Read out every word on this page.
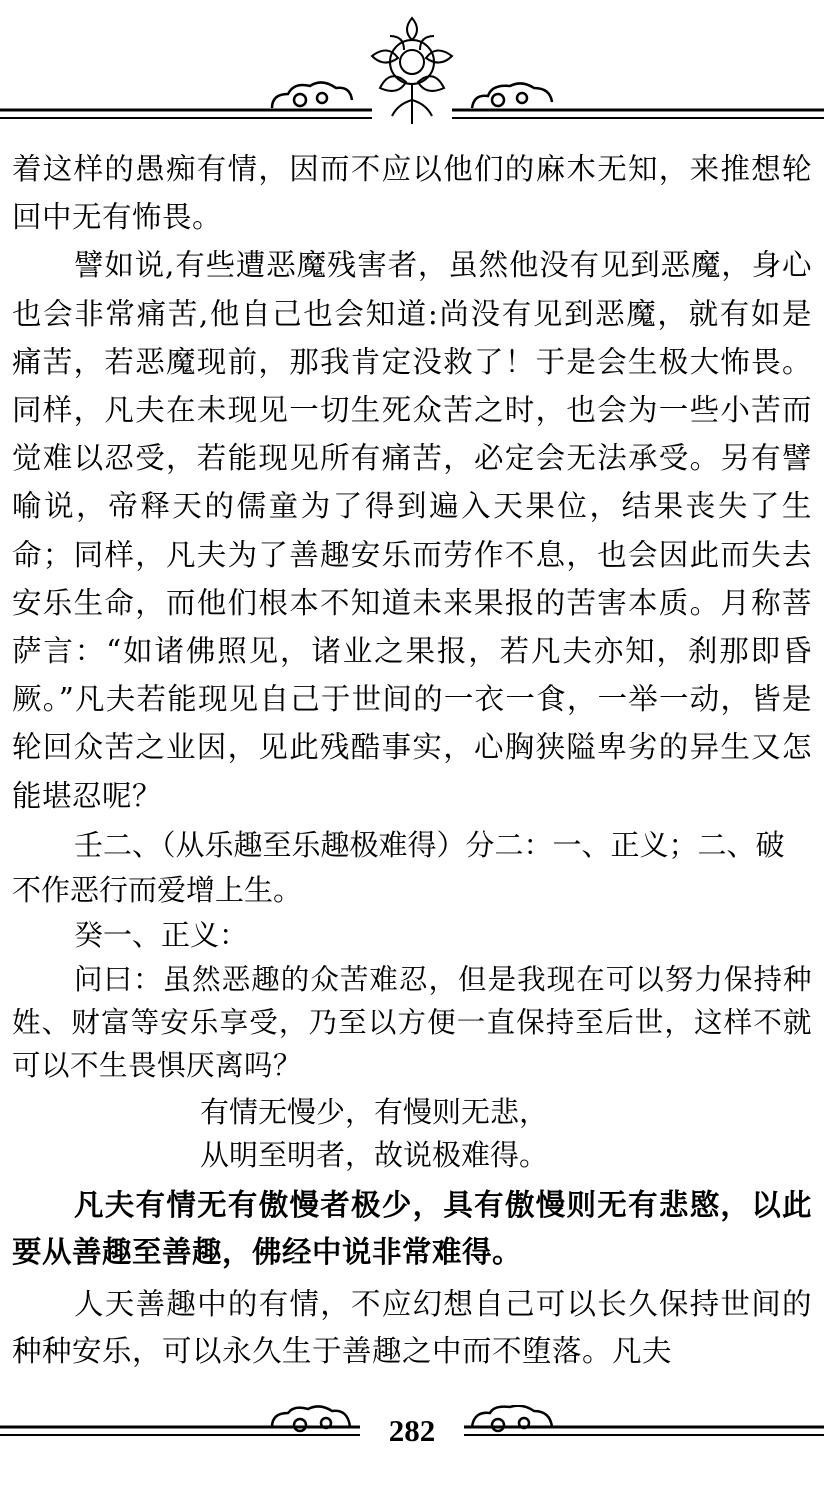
着这样的愚痴有情，因而不应以他们的麻木无知，来推想轮回中无有怖畏。

譬如说,有些遭恶魔残害者，虽然他没有见到恶魔，身心也会非常痛苦,他自己也会知道:尚没有见到恶魔，就有如是痛苦，若恶魔现前，那我肯定没救了！于是会生极大怖畏。同样，凡夫在未现见一切生死众苦之时，也会为一些小苦而觉难以忍受，若能现见所有痛苦，必定会无法承受。另有譬喻说，帝释天的儒童为了得到遍入天果位，结果丧失了生命；同样，凡夫为了善趣安乐而劳作不息，也会因此而失去安乐生命，而他们根本不知道未来果报的苦害本质。月称菩萨言：“如诸佛照见，诸业之果报，若凡夫亦知，刹那即昏厥。”凡夫若能现见自己于世间的一衣一食，一举一动，皆是轮回众苦之业因，见此残酷事实，心胸狭隘卑劣的异生又怎能堪忍呢？

壬二、（从乐趣至乐趣极难得）分二：一、正义；二、破不作恶行而爱增上生。

癸一、正义：

问曰：虽然恶趣的众苦难忍，但是我现在可以努力保持种姓、财富等安乐享受，乃至以方便一直保持至后世，这样不就可以不生畏惧厌离吗？

有情无慢少，有慢则无悲，

从明至明者，故说极难得。

凡夫有情无有傲慢者极少，具有傲慢则无有悲愍，以此要从善趣至善趣，佛经中说非常难得。

人天善趣中的有情，不应幻想自己可以长久保持世间的种种安乐，可以永久生于善趣之中而不堕落。凡夫

282
